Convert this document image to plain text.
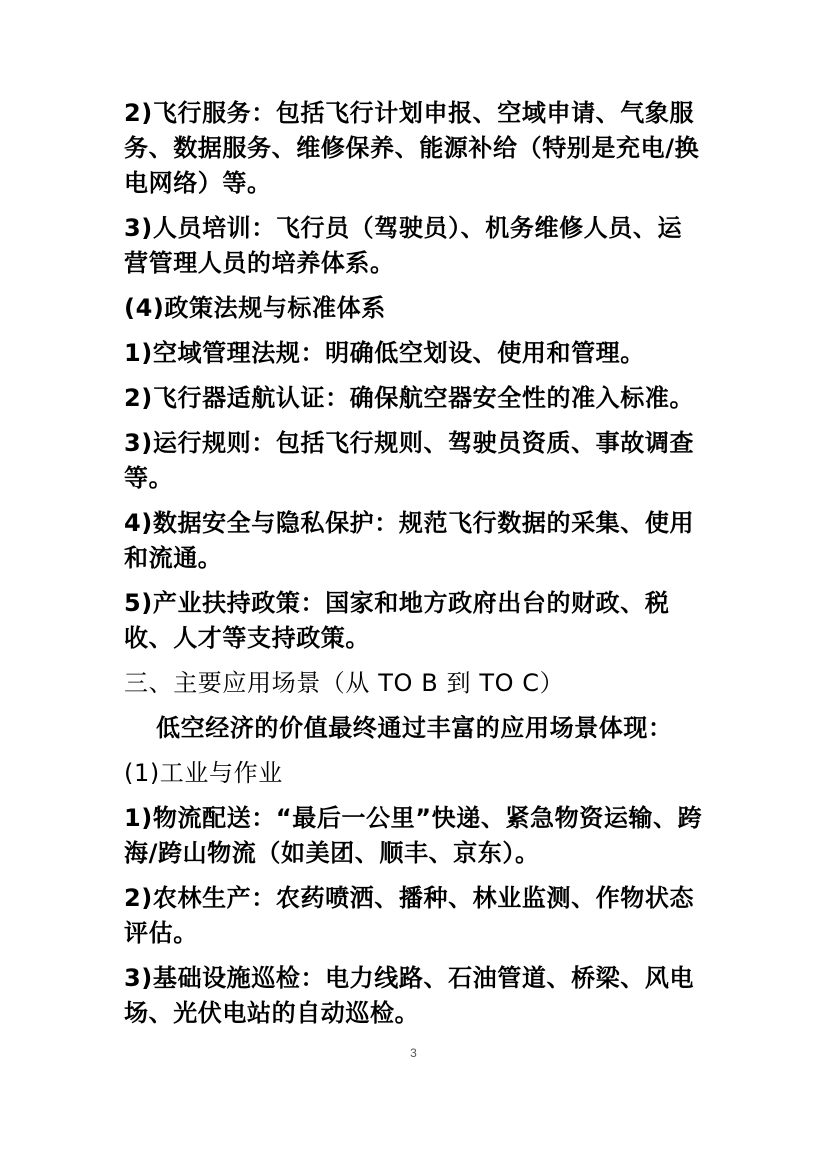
2)飞行服务：包括飞行计划申报、空域申请、气象服务、数据服务、维修保养、能源补给（特别是充电/换电网络）等。

3)人员培训：飞行员（驾驶员）、机务维修人员、运营管理人员的培养体系。

(4)政策法规与标准体系

1)空域管理法规：明确低空划设、使用和管理。

2)飞行器适航认证：确保航空器安全性的准入标准。

3)运行规则：包括飞行规则、驾驶员资质、事故调查等。

4)数据安全与隐私保护：规范飞行数据的采集、使用和流通。

5)产业扶持政策：国家和地方政府出台的财政、税收、人才等支持政策。

三、主要应用场景（从 TO B 到 TO C）

低空经济的价值最终通过丰富的应用场景体现：

(1)工业与作业

1)物流配送：“最后一公里”快递、紧急物资运输、跨海/跨山物流（如美团、顺丰、京东）。

2)农林生产：农药喷洒、播种、林业监测、作物状态评估。

3)基础设施巡检：电力线路、石油管道、桥梁、风电场、光伏电站的自动巡检。

3
